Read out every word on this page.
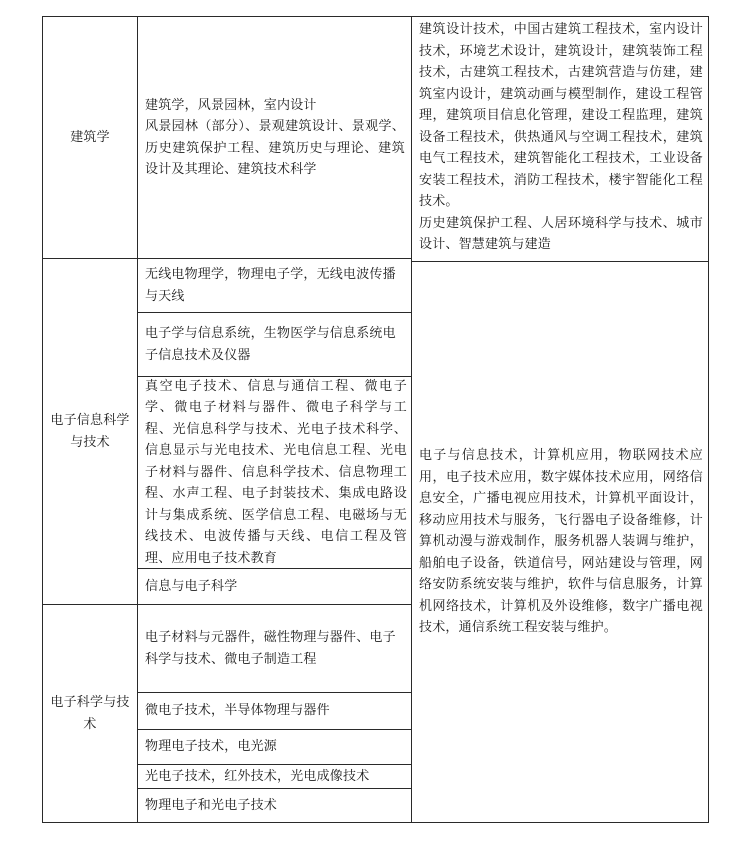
建筑学
建筑学，风景园林，室内设计
风景园林（部分）、景观建筑设计、景观学、历史建筑保护工程、建筑历史与理论、建筑设计及其理论、建筑技术科学
建筑设计技术，中国古建筑工程技术，室内设计技术，环境艺术设计，建筑设计，建筑装饰工程技术，古建筑工程技术，古建筑营造与仿建，建筑室内设计，建筑动画与模型制作，建设工程管理，建筑项目信息化管理，建设工程监理，建筑设备工程技术，供热通风与空调工程技术，建筑电气工程技术，建筑智能化工程技术，工业设备安装工程技术，消防工程技术，楼宇智能化工程技术。
历史建筑保护工程、人居环境科学与技术、城市设计、智慧建筑与建造
电子信息科学与技术
无线电物理学，物理电子学，无线电波传播与天线
电子学与信息系统，生物医学与信息系统电子信息技术及仪器
真空电子技术、信息与通信工程、微电子学、微电子材料与器件、微电子科学与工程、光信息科学与技术、光电子技术科学、信息显示与光电技术、光电信息工程、光电子材料与器件、信息科学技术、信息物理工程、水声工程、电子封装技术、集成电路设计与集成系统、医学信息工程、电磁场与无线技术、电波传播与天线、电信工程及管理、应用电子技术教育
信息与电子科学
电子科学与技术
电子材料与元器件，磁性物理与器件、电子科学与技术、微电子制造工程
微电子技术，半导体物理与器件
物理电子技术，电光源
光电子技术，红外技术，光电成像技术
物理电子和光电子技术
电子与信息技术，计算机应用，物联网技术应用，电子技术应用，数字媒体技术应用，网络信息安全，广播电视应用技术，计算机平面设计，移动应用技术与服务，飞行器电子设备维修，计算机动漫与游戏制作，服务机器人装调与维护，船舶电子设备，铁道信号，网站建设与管理，网络安防系统安装与维护，软件与信息服务，计算机网络技术，计算机及外设维修，数字广播电视技术，通信系统工程安装与维护。
